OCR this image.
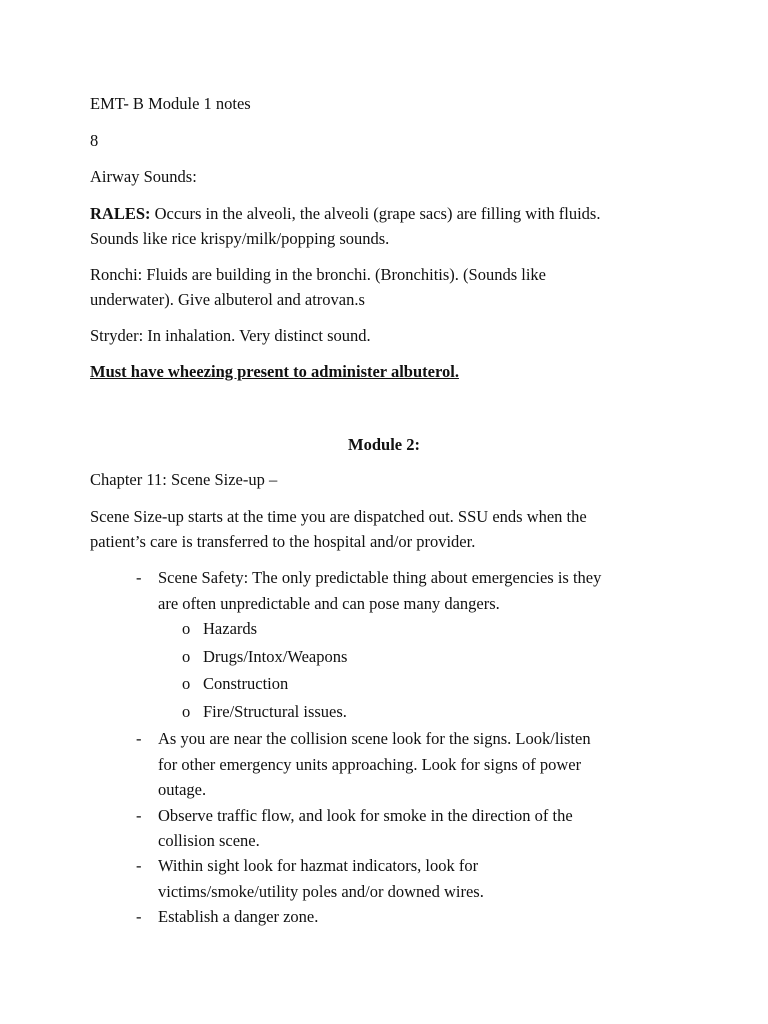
EMT- B Module 1 notes
8
Airway Sounds:
RALES: Occurs in the alveoli, the alveoli (grape sacs) are filling with fluids.
Sounds like rice krispy/milk/popping sounds.
Ronchi: Fluids are building in the bronchi. (Bronchitis). (Sounds like
underwater). Give albuterol and atrovan.s
Stryder: In inhalation. Very distinct sound.
Must have wheezing present to administer albuterol.
Module 2:
Chapter 11: Scene Size-up –
Scene Size-up starts at the time you are dispatched out. SSU ends when the
patient’s care is transferred to the hospital and/or provider.
- Scene Safety: The only predictable thing about emergencies is they
are often unpredictable and can pose many dangers.
o Hazards
o Drugs/Intox/Weapons
o Construction
o Fire/Structural issues.
- As you are near the collision scene look for the signs. Look/listen
for other emergency units approaching. Look for signs of power
outage.
- Observe traffic flow, and look for smoke in the direction of the
collision scene.
- Within sight look for hazmat indicators, look for
victims/smoke/utility poles and/or downed wires.
- Establish a danger zone.
